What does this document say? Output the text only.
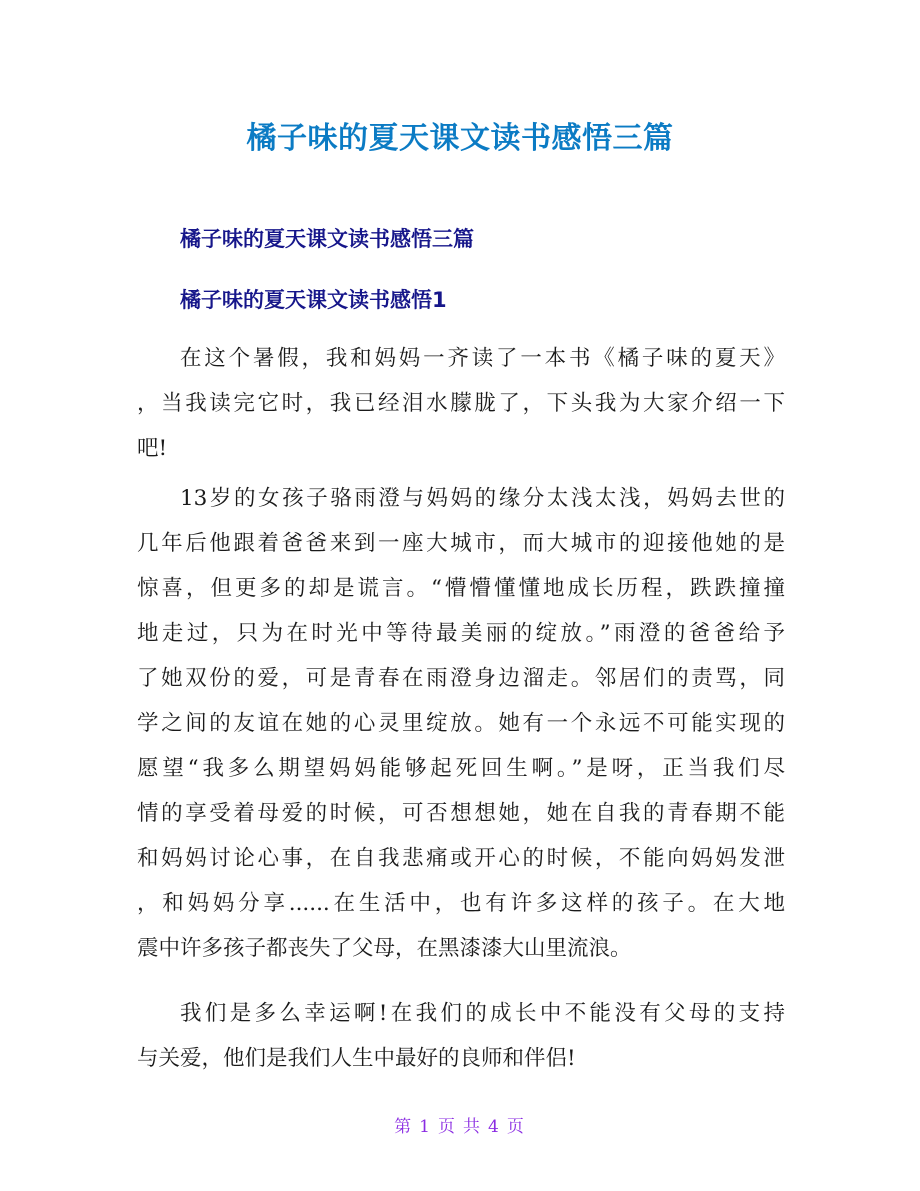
橘子味的夏天课文读书感悟三篇
橘子味的夏天课文读书感悟三篇
橘子味的夏天课文读书感悟1
在这个暑假，我和妈妈一齐读了一本书《橘子味的夏天》
，当我读完它时，我已经泪水朦胧了，下头我为大家介绍一下
吧!
13岁的女孩子骆雨澄与妈妈的缘分太浅太浅，妈妈去世的
几年后他跟着爸爸来到一座大城市，而大城市的迎接他她的是
惊喜，但更多的却是谎言。“懵懵懂懂地成长历程，跌跌撞撞
地走过，只为在时光中等待最美丽的绽放。”雨澄的爸爸给予
了她双份的爱，可是青春在雨澄身边溜走。邻居们的责骂，同
学之间的友谊在她的心灵里绽放。她有一个永远不可能实现的
愿望“我多么期望妈妈能够起死回生啊。”是呀，正当我们尽
情的享受着母爱的时候，可否想想她，她在自我的青春期不能
和妈妈讨论心事，在自我悲痛或开心的时候，不能向妈妈发泄
，和妈妈分享......在生活中，也有许多这样的孩子。在大地
震中许多孩子都丧失了父母，在黑漆漆大山里流浪。
我们是多么幸运啊!在我们的成长中不能没有父母的支持
与关爱，他们是我们人生中最好的良师和伴侣!
第 1 页 共 4 页
